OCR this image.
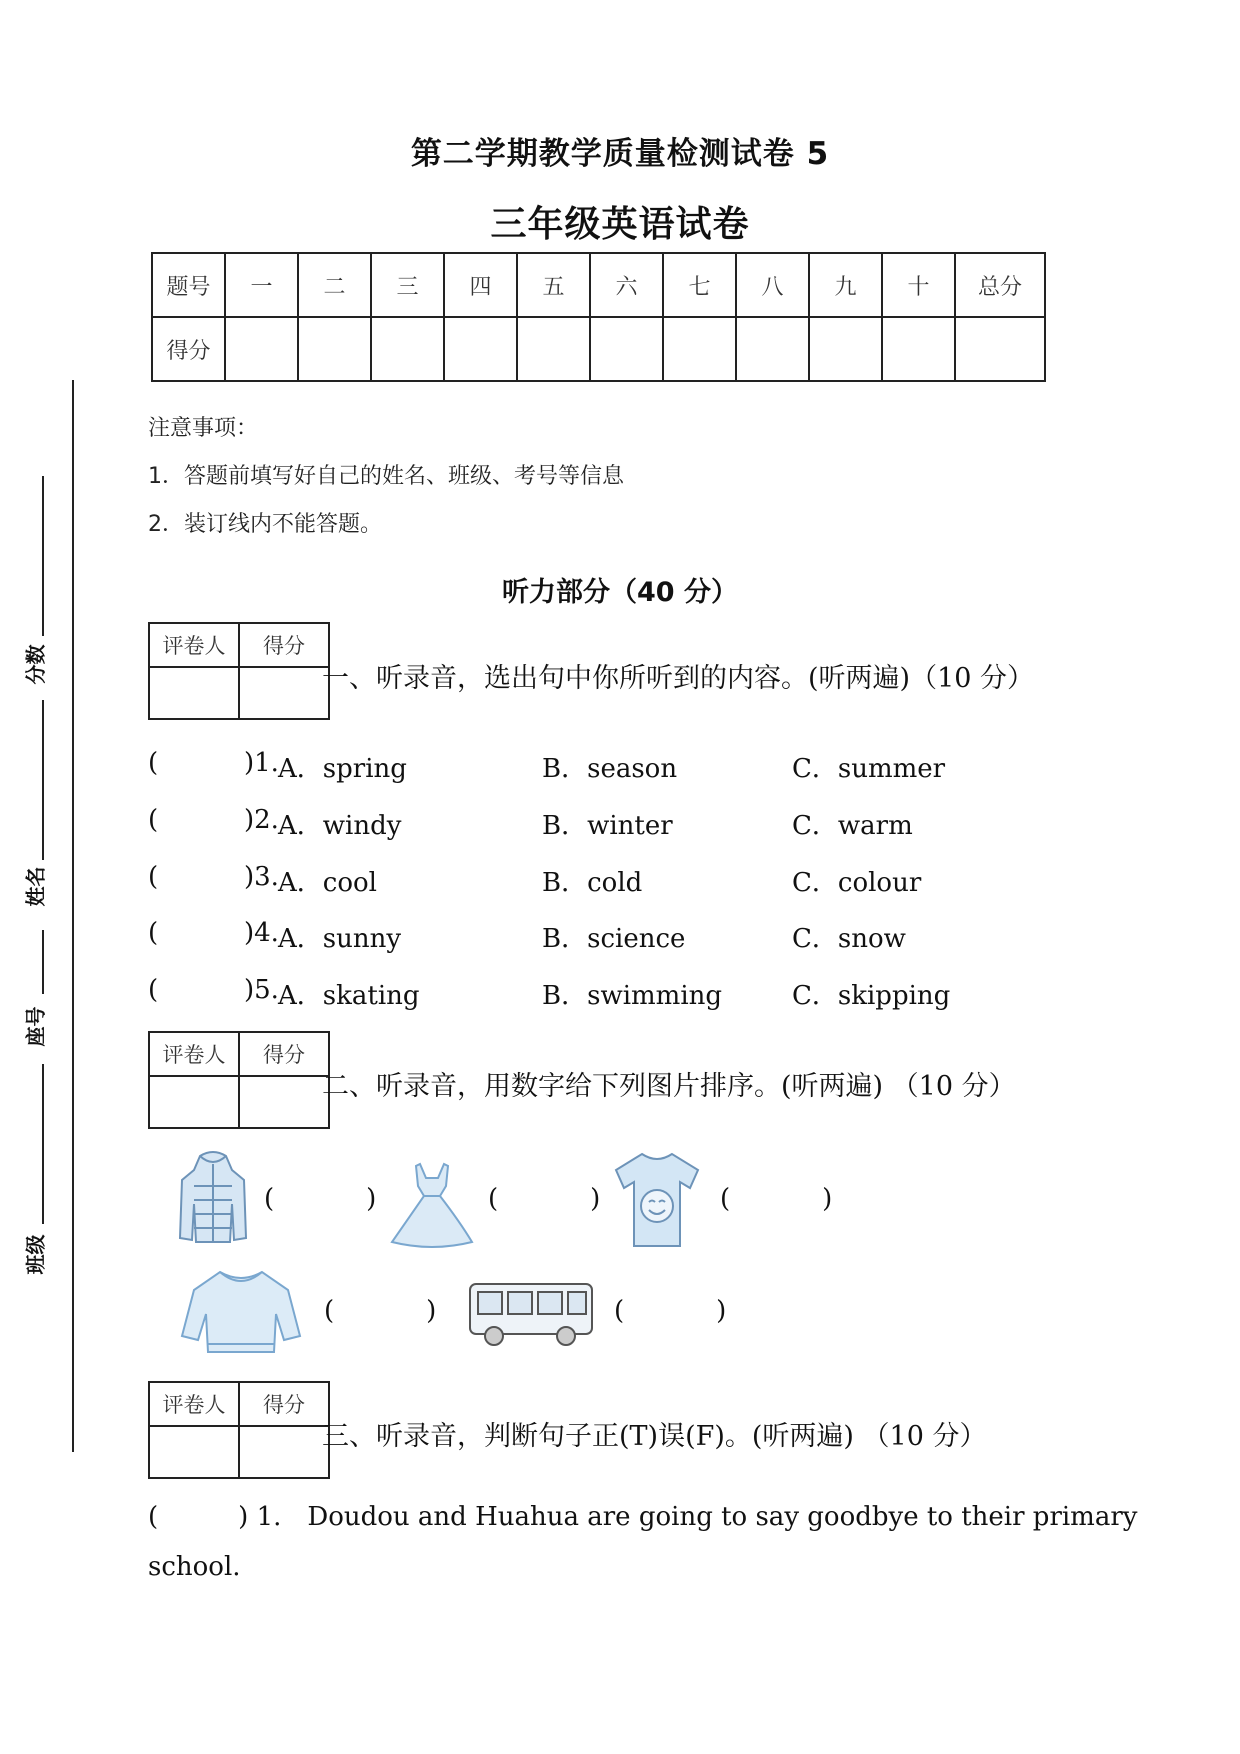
第二学期教学质量检测试卷 5
三年级英语试卷
题号	一	二	三	四	五	六	七	八	九	十	总分
得分											
注意事项：
1．答题前填写好自己的姓名、班级、考号等信息
2．装订线内不能答题。
听力部分（40 分）
评卷人	得分

一、听录音，选出句中你所听到的内容。(听两遍)（10 分）
(	)1. A．spring	B．season	C．summer
(	)2. A．windy	B．winter	C．warm
(	)3. A．cool	B．cold	C．colour
(	)4. A．sunny	B．science	C．snow
(	)5. A．skating	B．swimming	C．skipping
评卷人	得分

二、听录音，用数字给下列图片排序。(听两遍) （10 分）
(	)	(	)	(	)
(	)	(	)
评卷人	得分

三、听录音，判断句子正(T)误(F)。(听两遍) （10 分）
(	) 1. Doudou and Huahua are going to say goodbye to their primary
school.
分数
姓名
座号
班级
